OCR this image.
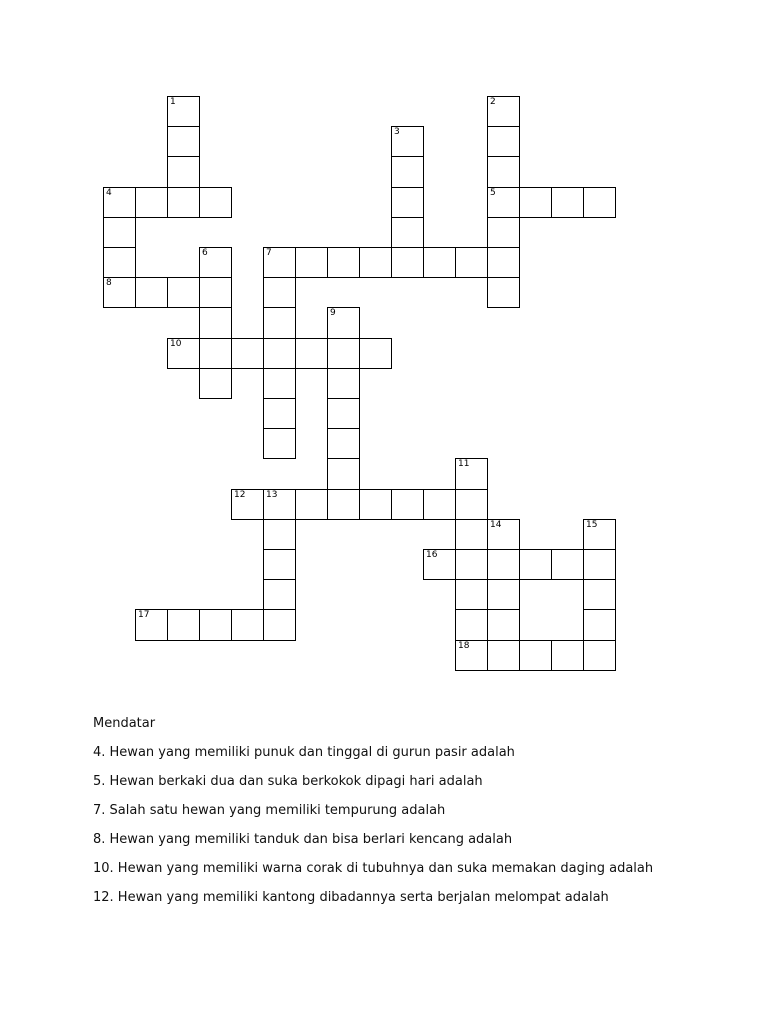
1	2
3
4	5
6	7
8
9
10
11
12 13
14	15
16
17
18
Mendatar
4. Hewan yang memiliki punuk dan tinggal di gurun pasir adalah
5. Hewan berkaki dua dan suka berkokok dipagi hari adalah
7. Salah satu hewan yang memiliki tempurung adalah
8. Hewan yang memiliki tanduk dan bisa berlari kencang adalah
10. Hewan yang memiliki warna corak di tubuhnya dan suka memakan daging adalah
12. Hewan yang memiliki kantong dibadannya serta berjalan melompat adalah
